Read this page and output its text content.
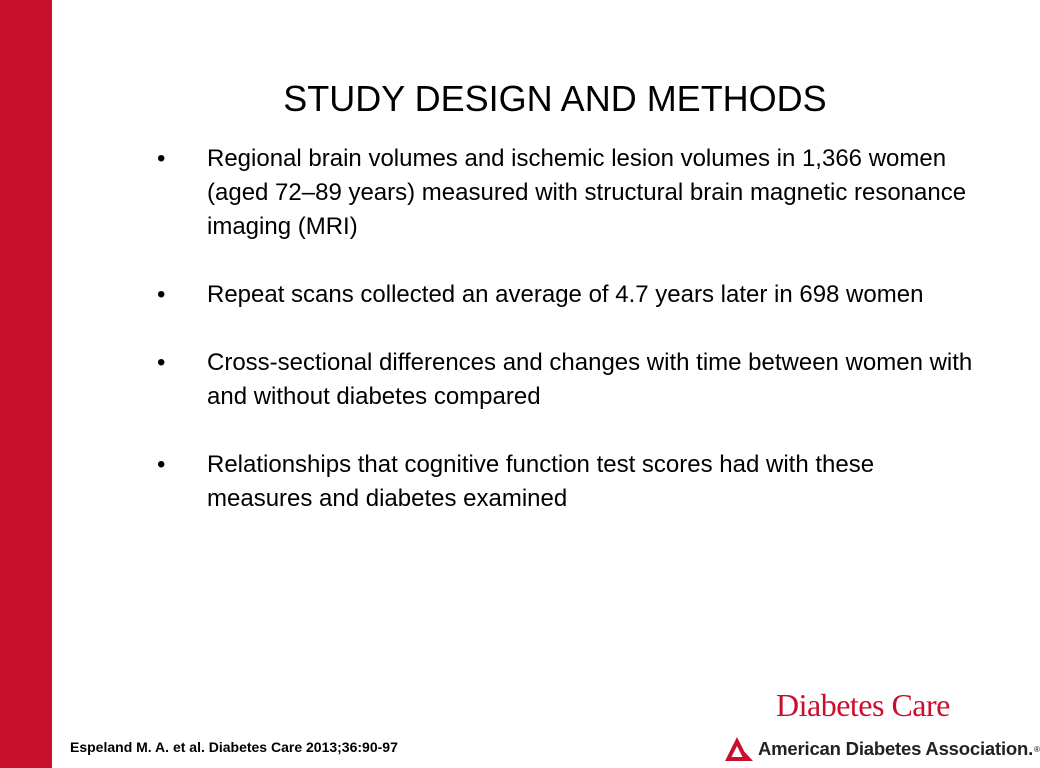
STUDY DESIGN AND METHODS
• Regional brain volumes and ischemic lesion volumes in 1,366 women (aged 72–89 years) measured with structural brain magnetic resonance imaging (MRI)
• Repeat scans collected an average of 4.7 years later in 698 women
• Cross-sectional differences and changes with time between women with and without diabetes compared
• Relationships that cognitive function test scores had with these measures and diabetes examined
Espeland M. A. et al. Diabetes Care 2013;36:90-97
Diabetes Care
American Diabetes Association. ®
